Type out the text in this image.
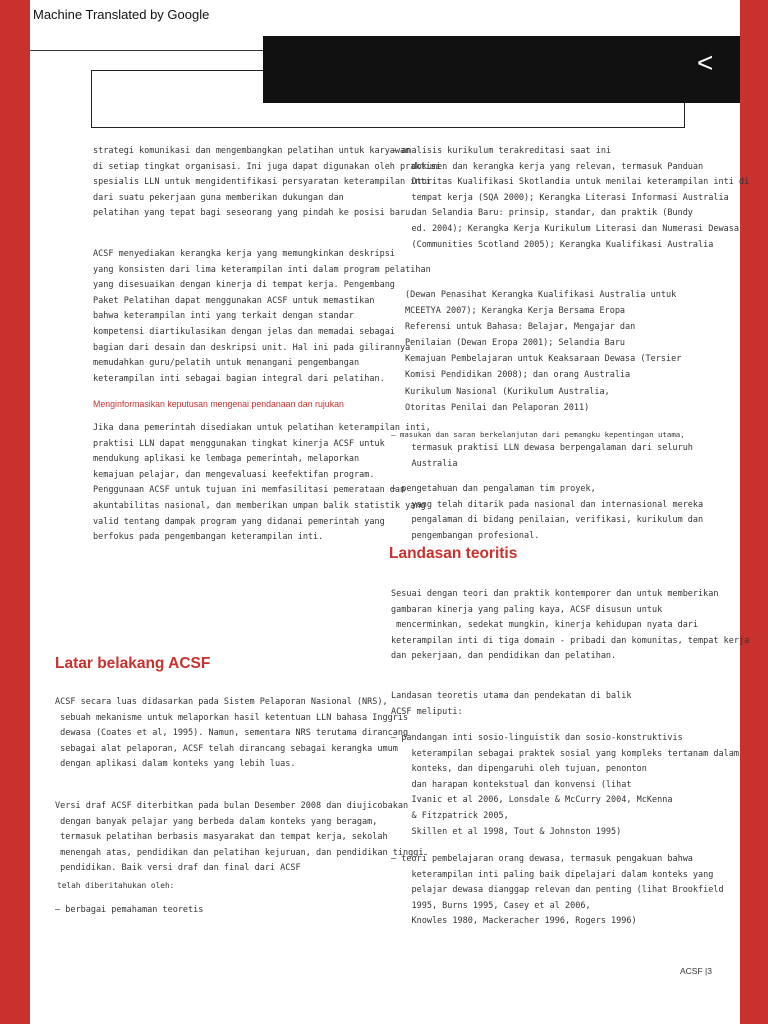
Machine Translated by Google
<
strategi komunikasi dan mengembangkan pelatihan untuk karyawan
di setiap tingkat organisasi. Ini juga dapat digunakan oleh praktisi
spesialis LLN untuk mengidentifikasi persyaratan keterampilan inti
dari suatu pekerjaan guna memberikan dukungan dan
pelatihan yang tepat bagi seseorang yang pindah ke posisi baru.
ACSF menyediakan kerangka kerja yang memungkinkan deskripsi
yang konsisten dari lima keterampilan inti dalam program pelatihan
yang disesuaikan dengan kinerja di tempat kerja. Pengembang
Paket Pelatihan dapat menggunakan ACSF untuk memastikan
bahwa keterampilan inti yang terkait dengan standar
kompetensi diartikulasikan dengan jelas dan memadai sebagai
bagian dari desain dan deskripsi unit. Hal ini pada gilirannya
memudahkan guru/pelatih untuk menangani pengembangan
keterampilan inti sebagai bagian integral dari pelatihan.

Menginformasikan keputusan mengenai pendanaan dan rujukan

Jika dana pemerintah disediakan untuk pelatihan keterampilan inti,
praktisi LLN dapat menggunakan tingkat kinerja ACSF untuk
mendukung aplikasi ke lembaga pemerintah, melaporkan
kemajuan pelajar, dan mengevaluasi keefektifan program.
Penggunaan ACSF untuk tujuan ini memfasilitasi pemerataan dan
akuntabilitas nasional, dan memberikan umpan balik statistik yang
valid tentang dampak program yang didanai pemerintah yang
berfokus pada pengembangan keterampilan inti.
Latar belakang ACSF
ACSF secara luas didasarkan pada Sistem Pelaporan Nasional (NRS),
sebuah mekanisme untuk melaporkan hasil ketentuan LLN bahasa Inggris
dewasa (Coates et al, 1995). Namun, sementara NRS terutama dirancang
sebagai alat pelaporan, ACSF telah dirancang sebagai kerangka umum
dengan aplikasi dalam konteks yang lebih luas.
Versi draf ACSF diterbitkan pada bulan Desember 2008 dan diujicobakan
dengan banyak pelajar yang berbeda dalam konteks yang beragam,
termasuk pelatihan berbasis masyarakat dan tempat kerja, sekolah
menengah atas, pendidikan dan pelatihan kejuruan, dan pendidikan tinggi.
pendidikan. Baik versi draf dan final dari ACSF
telah diberitahukan oleh:
– berbagai pemahaman teoretis
– analisis kurikulum terakreditasi saat ini
dokumen dan kerangka kerja yang relevan, termasuk Panduan
Otoritas Kualifikasi Skotlandia untuk menilai keterampilan inti di
tempat kerja (SQA 2000); Kerangka Literasi Informasi Australia
dan Selandia Baru: prinsip, standar, dan praktik (Bundy
ed. 2004); Kerangka Kerja Kurikulum Literasi dan Numerasi Dewasa
(Communities Scotland 2005); Kerangka Kualifikasi Australia
(Dewan Penasihat Kerangka Kualifikasi Australia untuk
MCEETYA 2007); Kerangka Kerja Bersama Eropa
Referensi untuk Bahasa: Belajar, Mengajar dan
Penilaian (Dewan Eropa 2001); Selandia Baru
Kemajuan Pembelajaran untuk Keaksaraan Dewasa (Tersier
Komisi Pendidikan 2008); dan orang Australia
Kurikulum Nasional (Kurikulum Australia,
Otoritas Penilai dan Pelaporan 2011)
– masukan dan saran berkelanjutan dari pemangku kepentingan utama,
termasuk praktisi LLN dewasa berpengalaman dari seluruh
Australia
– pengetahuan dan pengalaman tim proyek,
yang telah ditarik pada nasional dan internasional mereka
pengalaman di bidang penilaian, verifikasi, kurikulum dan
pengembangan profesional.
Landasan teoritis
Sesuai dengan teori dan praktik kontemporer dan untuk memberikan
gambaran kinerja yang paling kaya, ACSF disusun untuk
mencerminkan, sedekat mungkin, kinerja kehidupan nyata dari
keterampilan inti di tiga domain - pribadi dan komunitas, tempat kerja
dan pekerjaan, dan pendidikan dan pelatihan.
Landasan teoretis utama dan pendekatan di balik
ACSF meliputi:
– pandangan inti sosio-linguistik dan sosio-konstruktivis
keterampilan sebagai praktek sosial yang kompleks tertanam dalam
konteks, dan dipengaruhi oleh tujuan, penonton
dan harapan kontekstual dan konvensi (lihat
Ivanic et al 2006, Lonsdale & McCurry 2004, McKenna
& Fitzpatrick 2005,
Skillen et al 1998, Tout & Johnston 1995)
– teori pembelajaran orang dewasa, termasuk pengakuan bahwa
keterampilan inti paling baik dipelajari dalam konteks yang
pelajar dewasa dianggap relevan dan penting (lihat Brookfield
1995, Burns 1995, Casey et al 2006,
Knowles 1980, Mackeracher 1996, Rogers 1996)
ACSF |3
